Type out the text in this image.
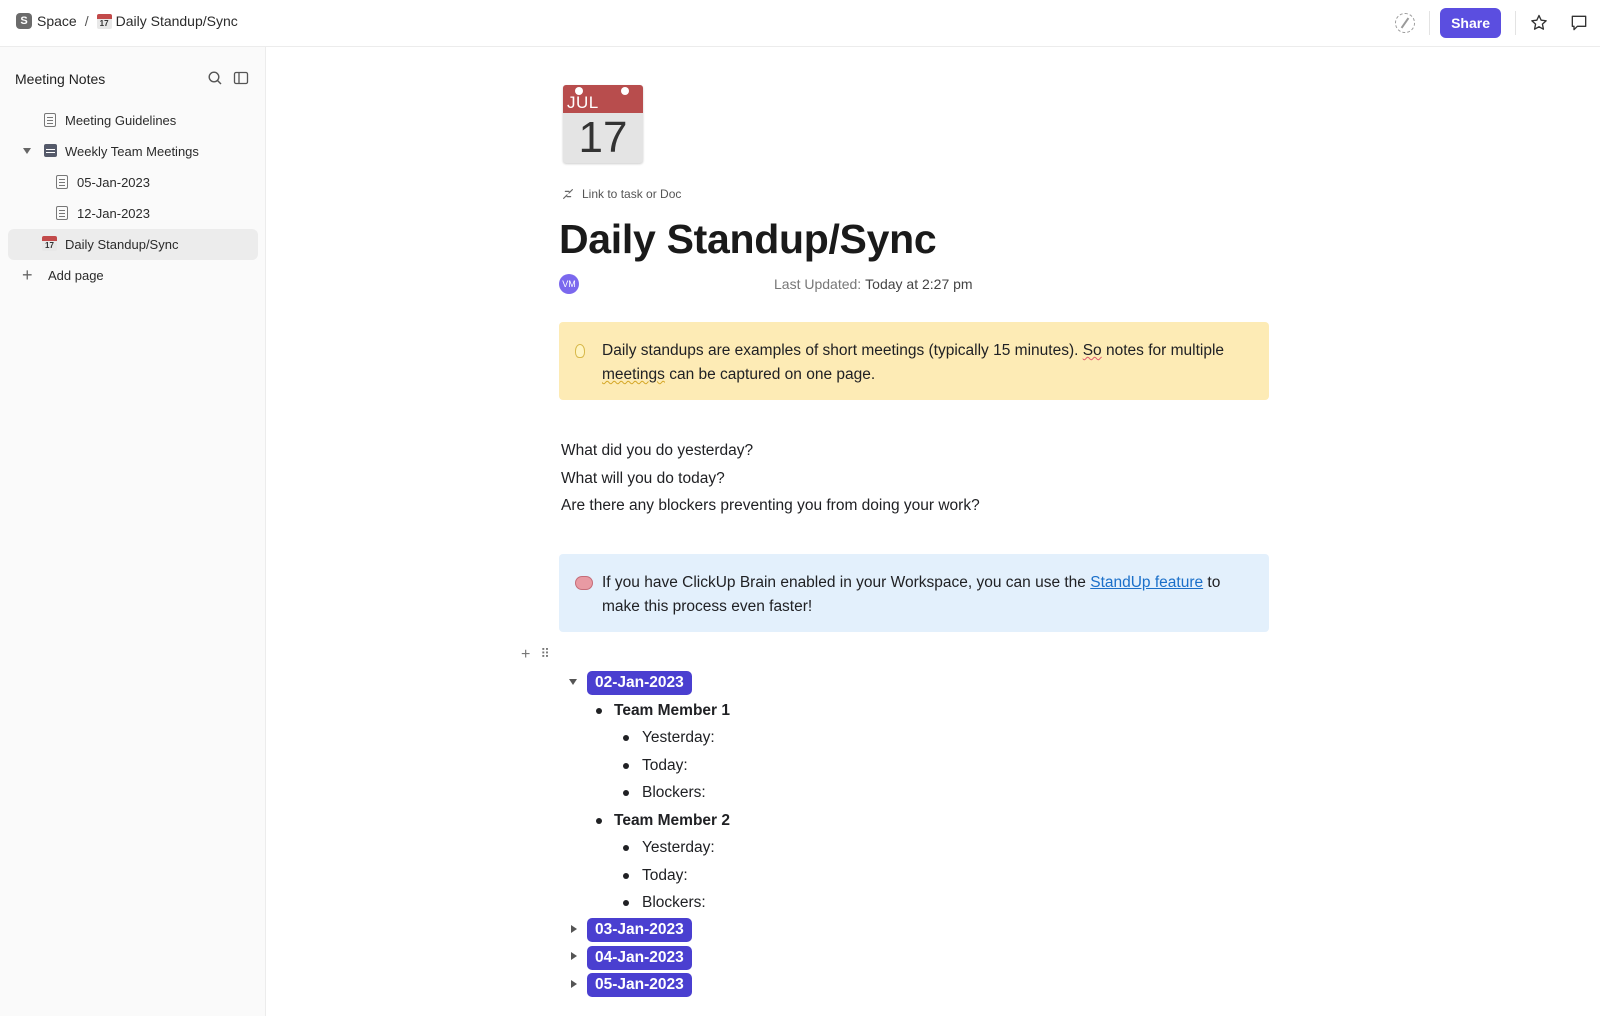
S Space /	17 Daily Standup/Sync	Share
Meeting Notes
Meeting Guidelines
Weekly Team Meetings
05-Jan-2023
12-Jan-2023
17 Daily Standup/Sync
+ Add page
JUL
17
Link to task or Doc
Daily Standup/Sync
VM	Last Updated: Today at 2:27 pm
Daily standups are examples of short meetings (typically 15 minutes). So notes for multiple meetings can be captured on one page.
What did you do yesterday?
What will you do today?
Are there any blockers preventing you from doing your work?
If you have ClickUp Brain enabled in your Workspace, you can use the StandUp feature to make this process even faster!
+ ⠿
02-Jan-2023
Team Member 1
Yesterday:
Today:
Blockers:
Team Member 2
Yesterday:
Today:
Blockers:
03-Jan-2023
04-Jan-2023
05-Jan-2023
